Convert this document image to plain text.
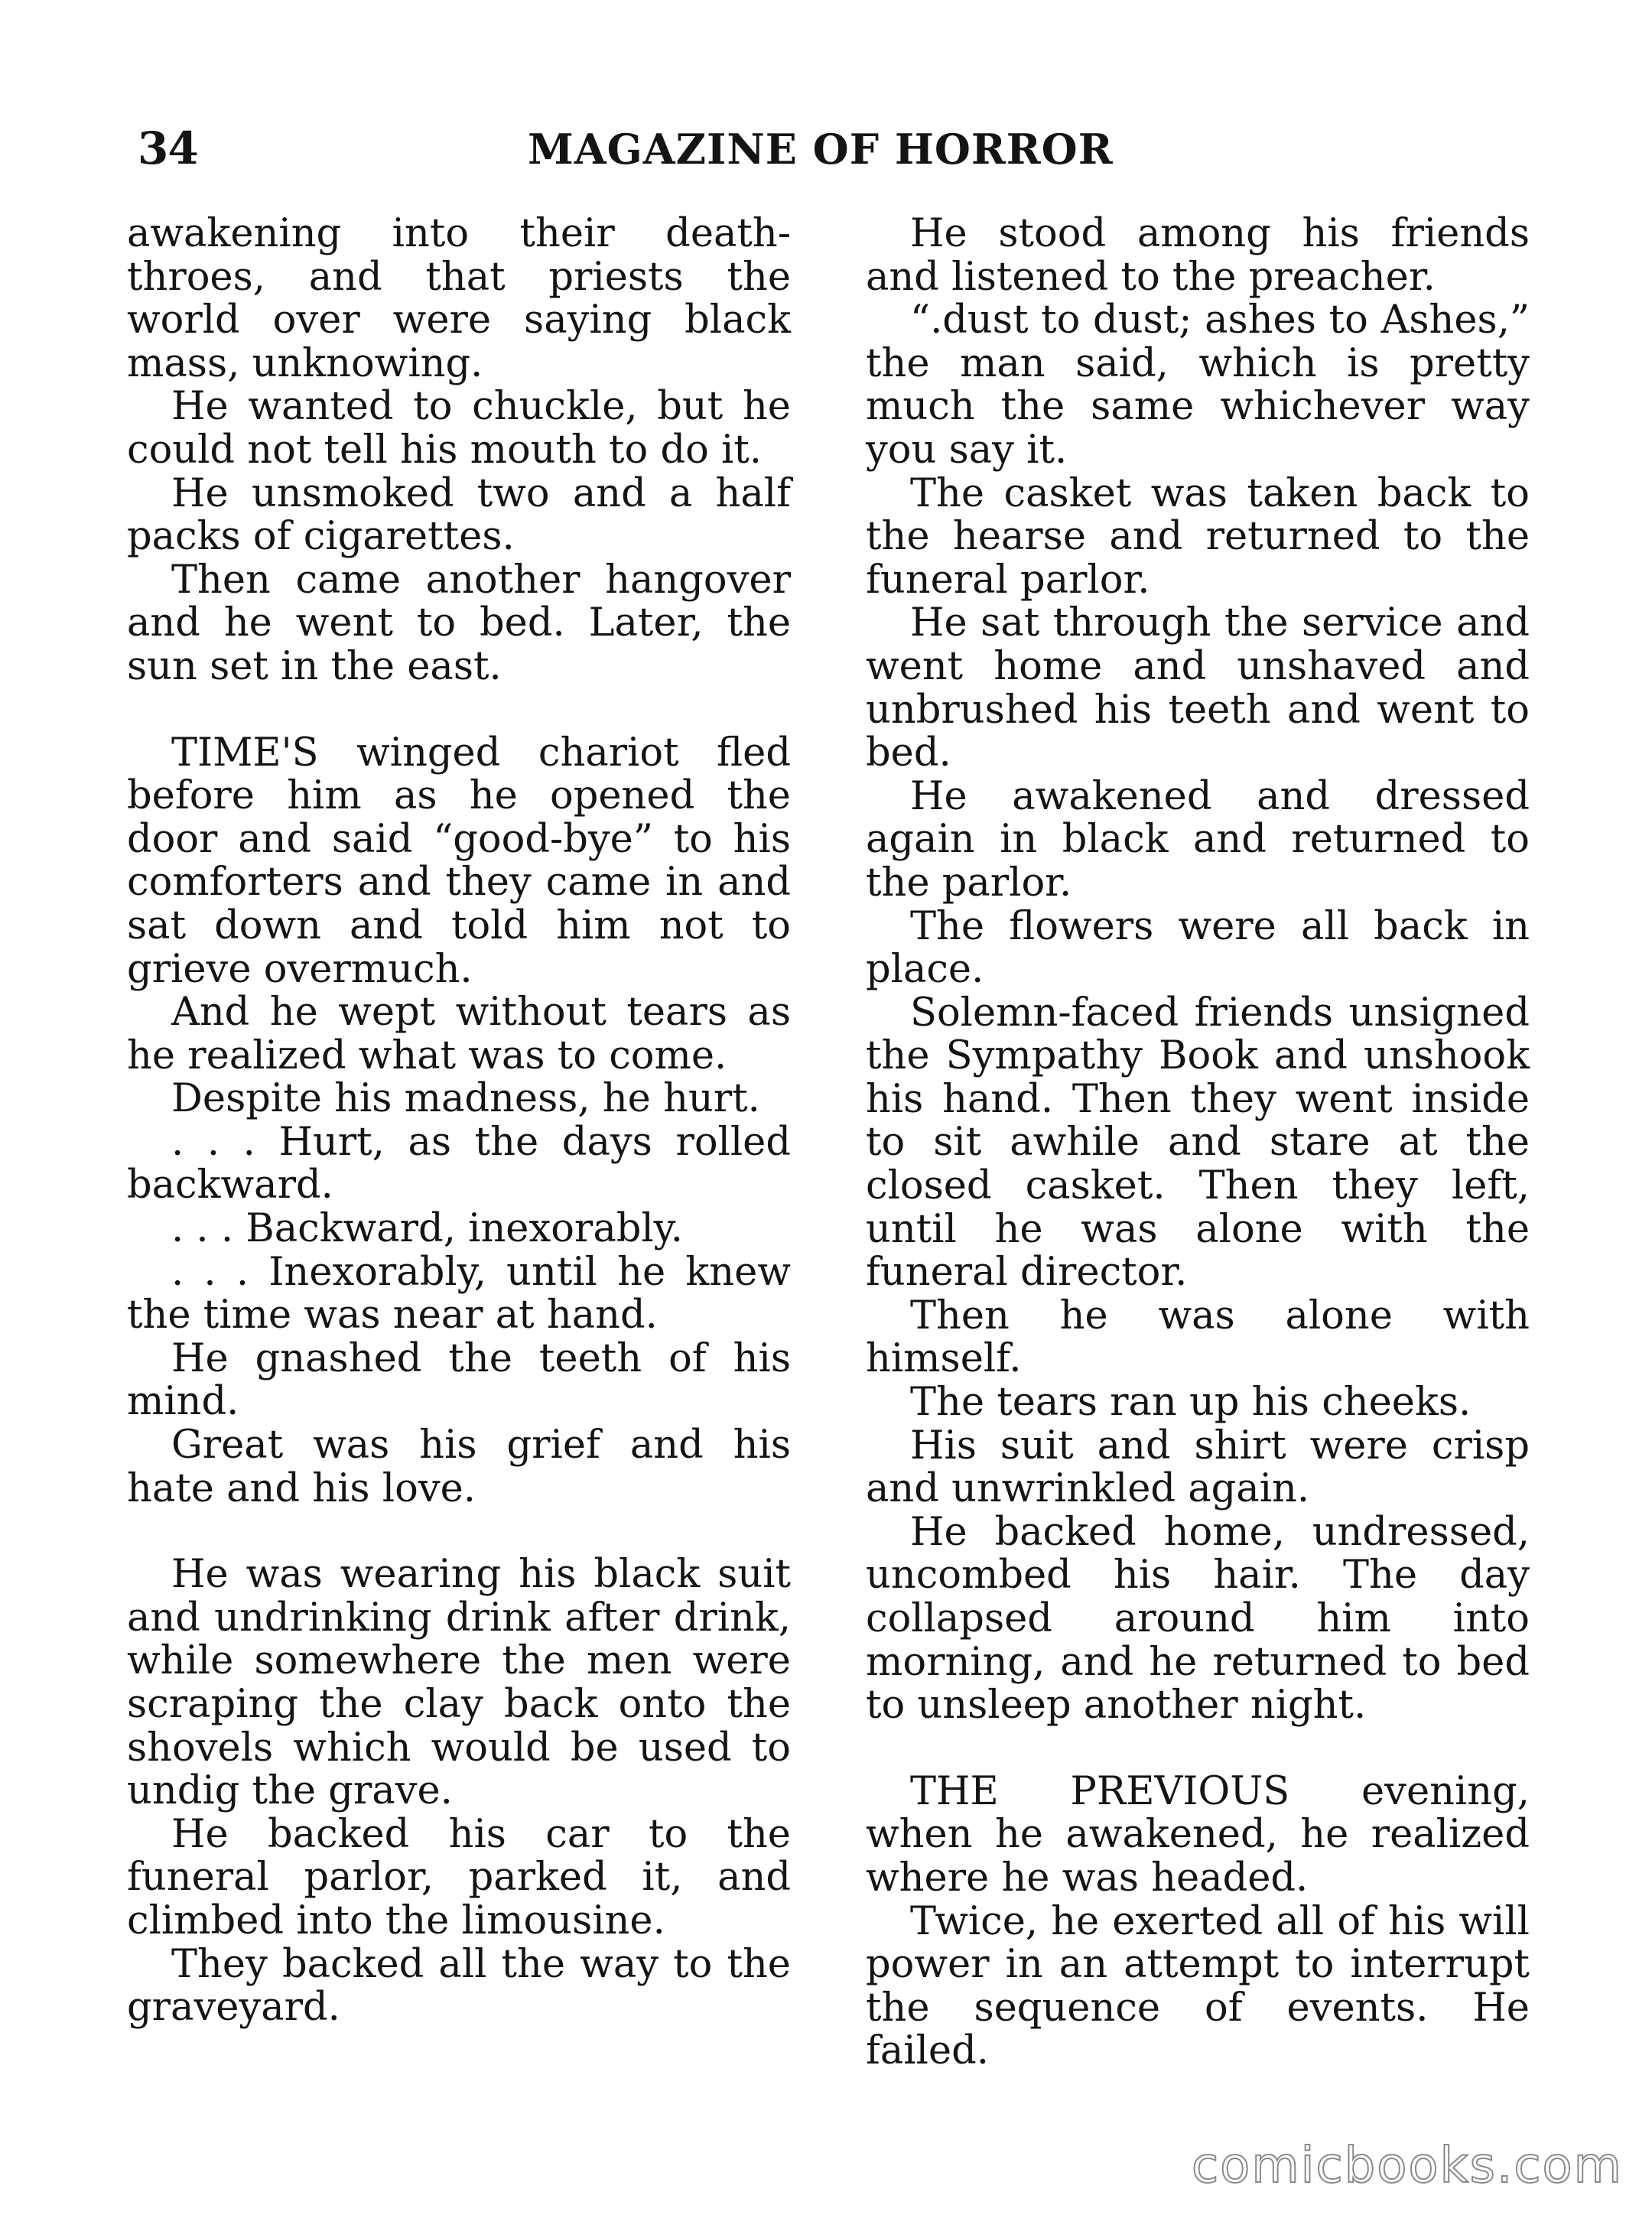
34	MAGAZINE OF HORROR

awakening into their death-throes, and that priests the world over were saying black mass, unknowing.

He wanted to chuckle, but he could not tell his mouth to do it.

He unsmoked two and a half packs of cigarettes.

Then came another hangover and he went to bed. Later, the sun set in the east.

TIME'S winged chariot fled before him as he opened the door and said “good-bye” to his comforters and they came in and sat down and told him not to grieve overmuch.

And he wept without tears as he realized what was to come.

Despite his madness, he hurt.

. . . Hurt, as the days rolled backward.

. . . Backward, inexorably.

. . . Inexorably, until he knew the time was near at hand.

He gnashed the teeth of his mind.

Great was his grief and his hate and his love.

He was wearing his black suit and undrinking drink after drink, while somewhere the men were scraping the clay back onto the shovels which would be used to undig the grave.

He backed his car to the funeral parlor, parked it, and climbed into the limousine.

They backed all the way to the graveyard.

He stood among his friends and listened to the preacher.

“.dust to dust; ashes to Ashes,” the man said, which is pretty much the same whichever way you say it.

The casket was taken back to the hearse and returned to the funeral parlor.

He sat through the service and went home and unshaved and unbrushed his teeth and went to bed.

He awakened and dressed again in black and returned to the parlor.

The flowers were all back in place.

Solemn-faced friends unsigned the Sympathy Book and unshook his hand. Then they went inside to sit awhile and stare at the closed casket. Then they left, until he was alone with the funeral director.

Then he was alone with himself.

The tears ran up his cheeks.

His suit and shirt were crisp and unwrinkled again.

He backed home, undressed, uncombed his hair. The day collapsed around him into morning, and he returned to bed to unsleep another night.

THE PREVIOUS evening, when he awakened, he realized where he was headed.

Twice, he exerted all of his will power in an attempt to interrupt the sequence of events. He failed.

comicbooks.com
